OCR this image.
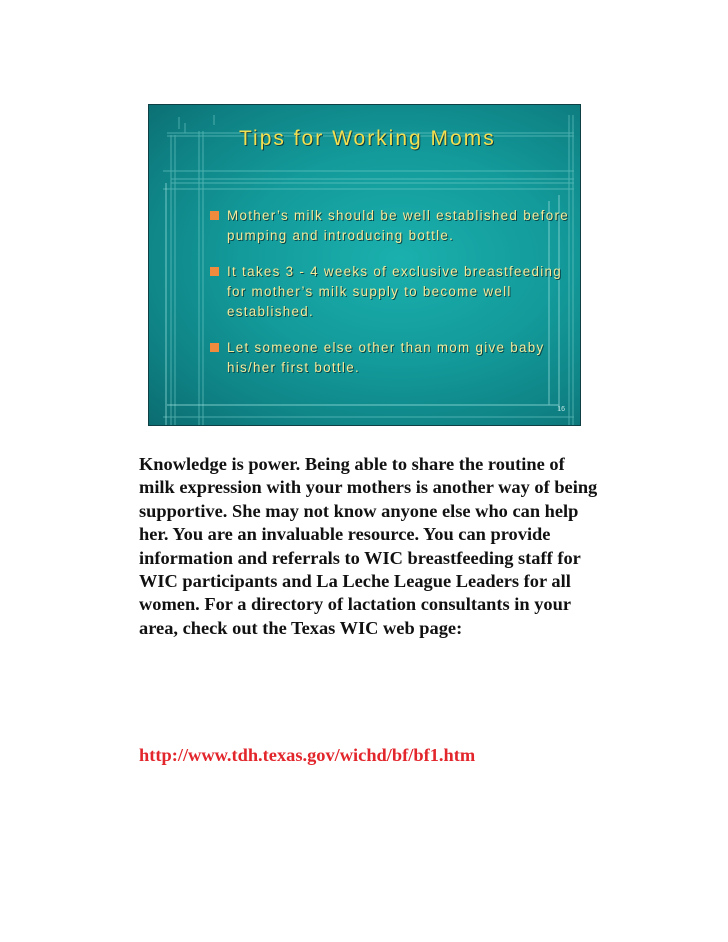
Tips for Working Moms
Mother’s milk should be well established before pumping and introducing bottle.
It takes 3 - 4 weeks of exclusive breastfeeding for mother’s milk supply to become well established.
Let someone else other than mom give baby his/her first bottle.
16

Knowledge is power. Being able to share the routine of milk expression with your mothers is another way of being supportive. She may not know anyone else who can help her. You are an invaluable resource. You can provide information and referrals to WIC breastfeeding staff for WIC participants and La Leche League Leaders for all women. For a directory of lactation consultants in your area, check out the Texas WIC web page:

http://www.tdh.texas.gov/wichd/bf/bf1.htm
